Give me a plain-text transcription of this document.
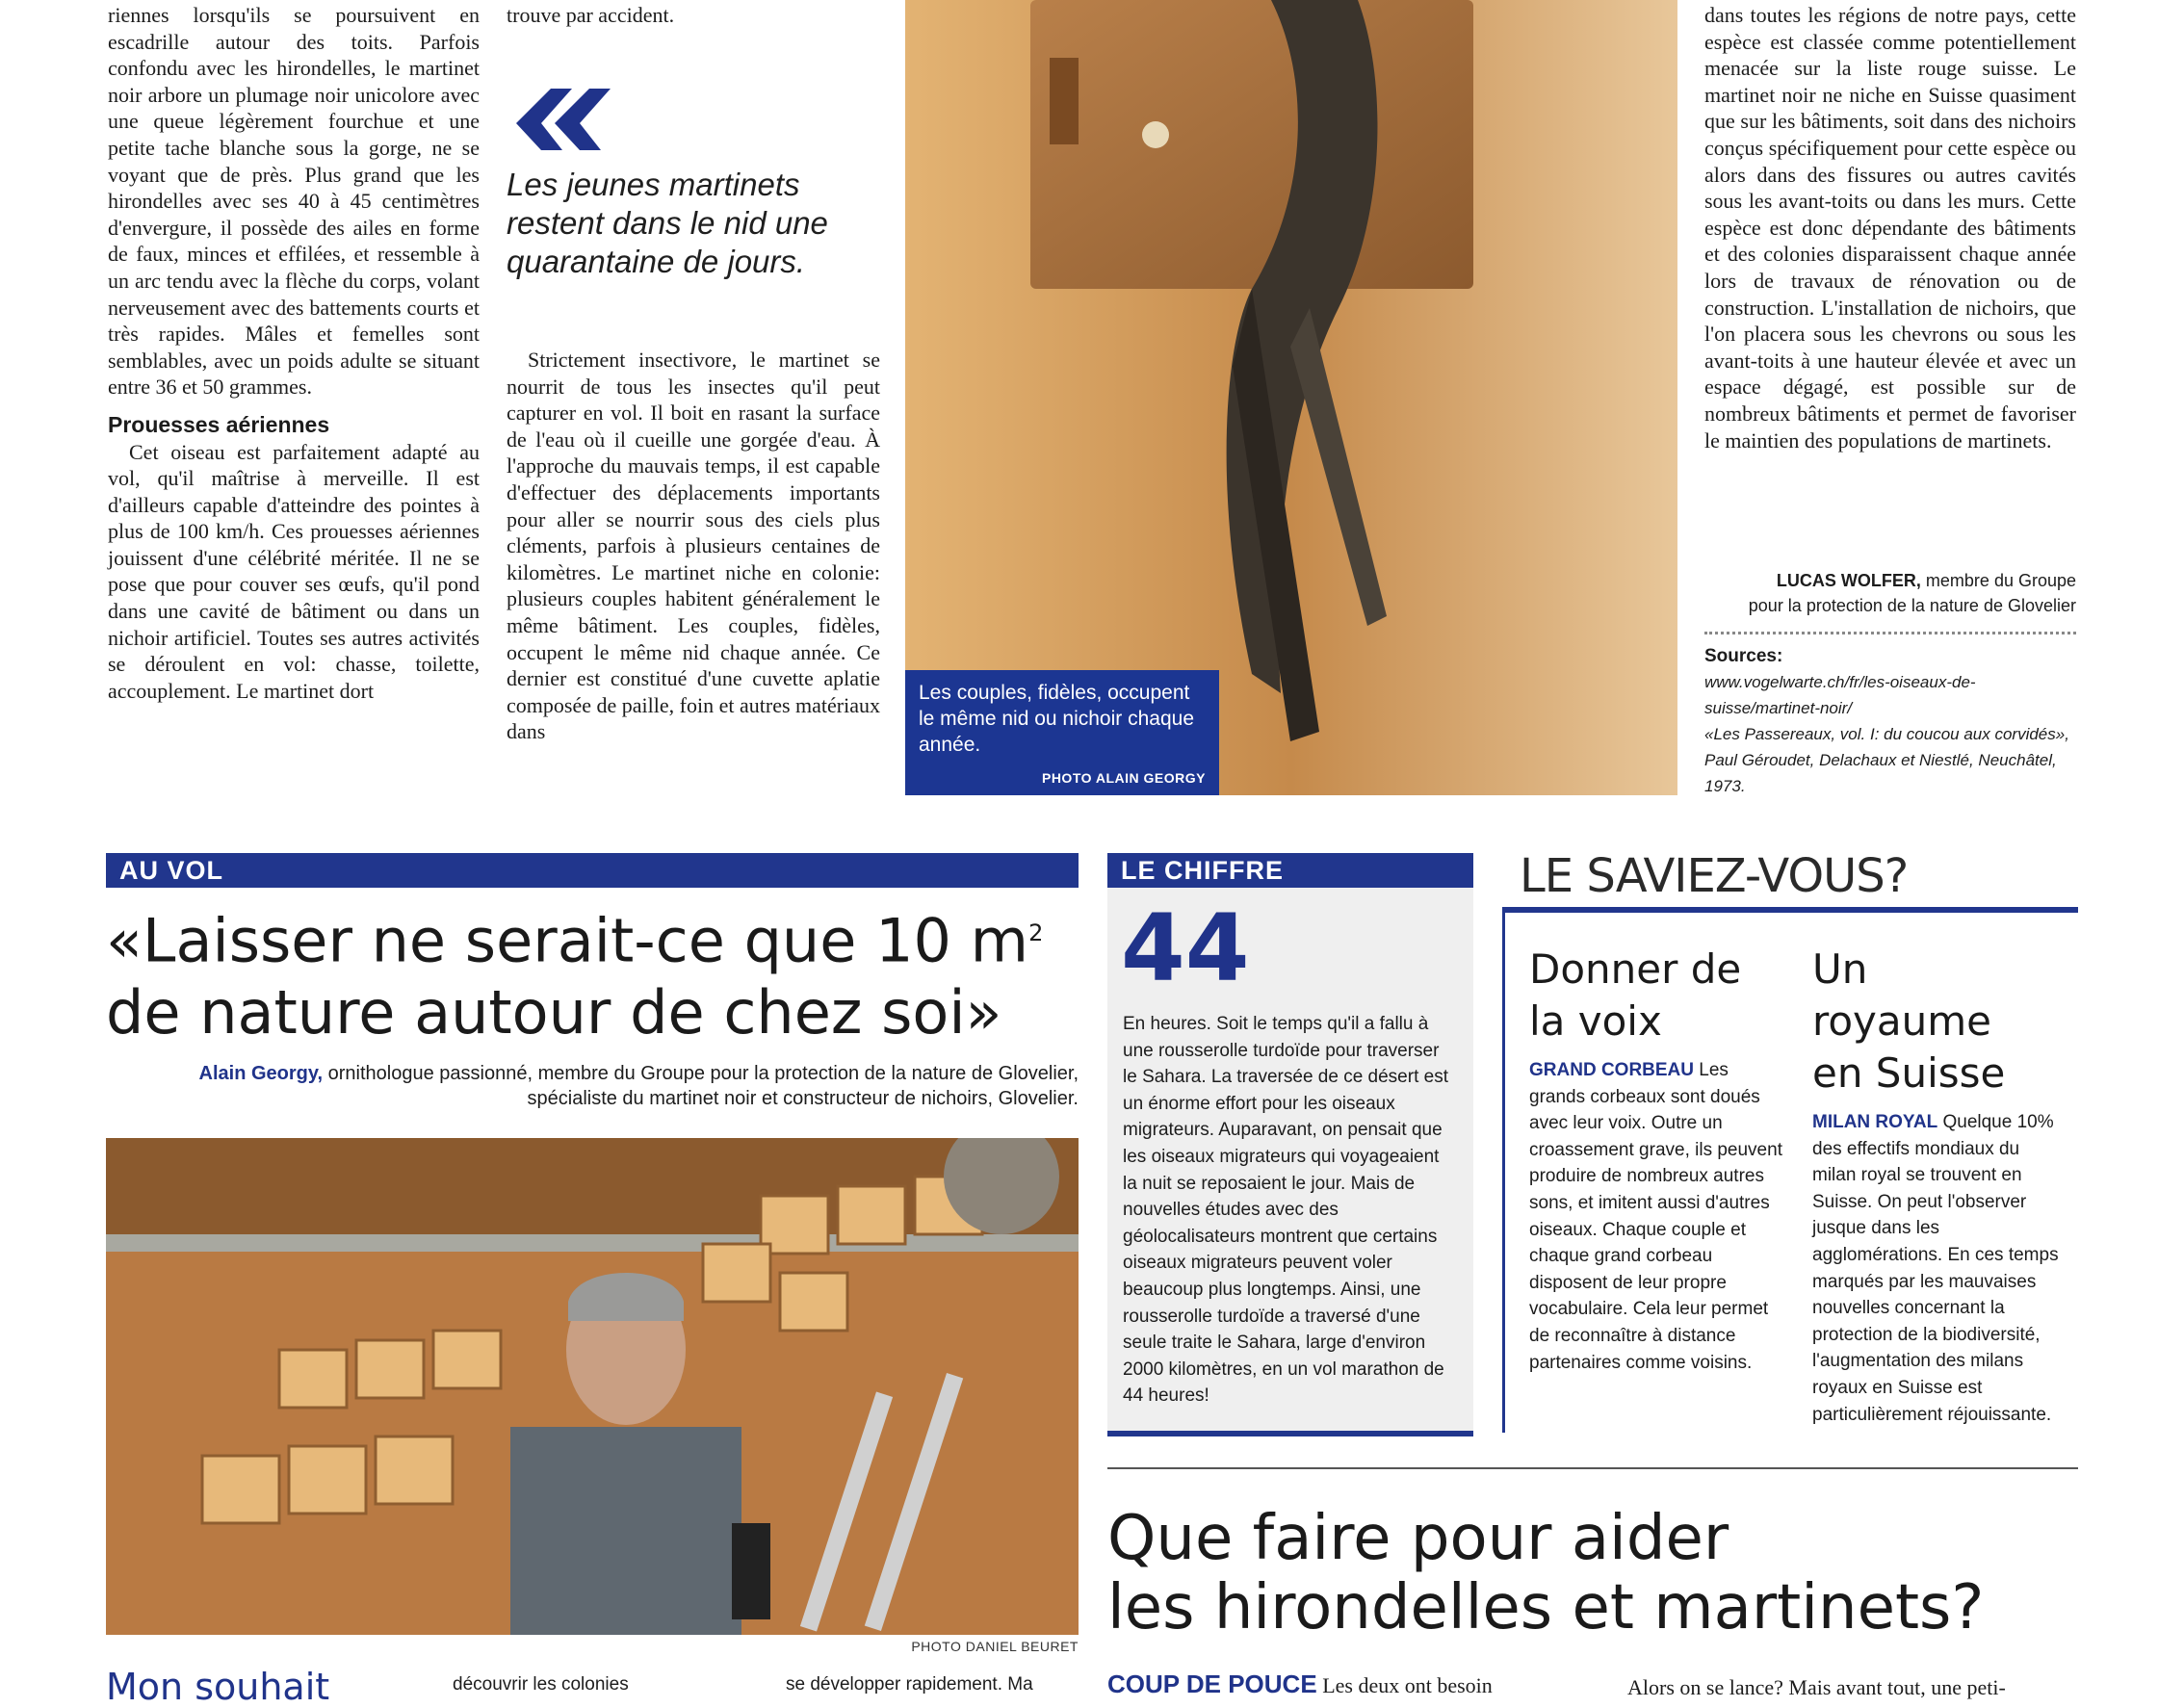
riennes lorsqu'ils se poursuivent en escadrille autour des toits. Parfois confondu avec les hirondelles, le martinet noir arbore un plumage noir unicolore avec une queue légèrement fourchue et une petite tache blanche sous la gorge, ne se voyant que de près. Plus grand que les hirondelles avec ses 40 à 45 centimètres d'envergure, il possède des ailes en forme de faux, minces et effilées, et ressemble à un arc tendu avec la flèche du corps, volant nerveusement avec des battements courts et très rapides. Mâles et femelles sont semblables, avec un poids adulte se situant entre 36 et 50 grammes.

Prouesses aériennes

Cet oiseau est parfaitement adapté au vol, qu'il maîtrise à merveille. Il est d'ailleurs capable d'atteindre des pointes à plus de 100 km/h. Ces prouesses aériennes jouissent d'une célébrité méritée. Il ne se pose que pour couver ses œufs, qu'il pond dans une cavité de bâtiment ou dans un nichoir artificiel. Toutes ses autres activités se déroulent en vol: chasse, toilette, accouplement. Le martinet dort

trouve par accident.

Les jeunes martinets restent dans le nid une quarantaine de jours.

Strictement insectivore, le martinet se nourrit de tous les insectes qu'il peut capturer en vol. Il boit en rasant la surface de l'eau où il cueille une gorgée d'eau. À l'approche du mauvais temps, il est capable d'effectuer des déplacements importants pour aller se nourrir sous des ciels plus cléments, parfois à plusieurs centaines de kilomètres. Le martinet niche en colonie: plusieurs couples habitent généralement le même bâtiment. Les couples, fidèles, occupent le même nid chaque année. Ce dernier est constitué d'une cuvette aplatie composée de paille, foin et autres matériaux dans

Les couples, fidèles, occupent le même nid ou nichoir chaque année.
PHOTO ALAIN GEORGY

dans toutes les régions de notre pays, cette espèce est classée comme potentiellement menacée sur la liste rouge suisse. Le martinet noir ne niche en Suisse quasiment que sur les bâtiments, soit dans des nichoirs conçus spécifiquement pour cette espèce ou alors dans des fissures ou autres cavités sous les avant-toits ou dans les murs. Cette espèce est donc dépendante des bâtiments et des colonies disparaissent chaque année lors de travaux de rénovation ou de construction. L'installation de nichoirs, que l'on placera sous les chevrons ou sous les avant-toits à une hauteur élevée et avec un espace dégagé, est possible sur de nombreux bâtiments et permet de favoriser le maintien des populations de martinets.

LUCAS WOLFER, membre du Groupe
pour la protection de la nature de Glovelier
Sources:
www.vogelwarte.ch/fr/les-oiseaux-de-suisse/martinet-noir/
«Les Passereaux, vol. I: du coucou aux corvidés», Paul Géroudet, Delachaux et Niestlé, Neuchâtel, 1973.
AU VOL
«Laisser ne serait-ce que 10 $m^2$
de nature autour de chez soi»
Alain Georgy, ornithologue passionné, membre du Groupe pour la protection de la nature de Glovelier, spécialiste du martinet noir et constructeur de nichoirs, Glovelier.
PHOTO DANIEL BEURET
Mon souhait	découvrir les colonies	se développer rapidement. Ma
LE CHIFFRE
44
En heures. Soit le temps qu'il a fallu à une rousserolle turdoïde pour traverser le Sahara. La traversée de ce désert est un énorme effort pour les oiseaux migrateurs. Auparavant, on pensait que les oiseaux migrateurs qui voyageaient la nuit se reposaient le jour. Mais de nouvelles études avec des géolocalisateurs montrent que certains oiseaux migrateurs peuvent voler beaucoup plus longtemps. Ainsi, une rousserolle turdoïde a traversé d'une seule traite le Sahara, large d'environ 2000 kilomètres, en un vol marathon de 44 heures!
LE SAVIEZ-VOUS?
Donner de la voix
GRAND CORBEAU Les grands corbeaux sont doués avec leur voix. Outre un croassement grave, ils peuvent produire de nombreux autres sons, et imitent aussi d'autres oiseaux. Chaque couple et chaque grand corbeau disposent de leur propre vocabulaire. Cela leur permet de reconnaître à distance partenaires comme voisins.
Un royaume en Suisse
MILAN ROYAL Quelque 10% des effectifs mondiaux du milan royal se trouvent en Suisse. On peut l'observer jusque dans les agglomérations. En ces temps marqués par les mauvaises nouvelles concernant la protection de la biodiversité, l'augmentation des milans royaux en Suisse est particulièrement réjouissante.
Que faire pour aider
les hirondelles et martinets?
COUP DE POUCE Les deux ont besoin	Alors on se lance? Mais avant tout, une peti-
